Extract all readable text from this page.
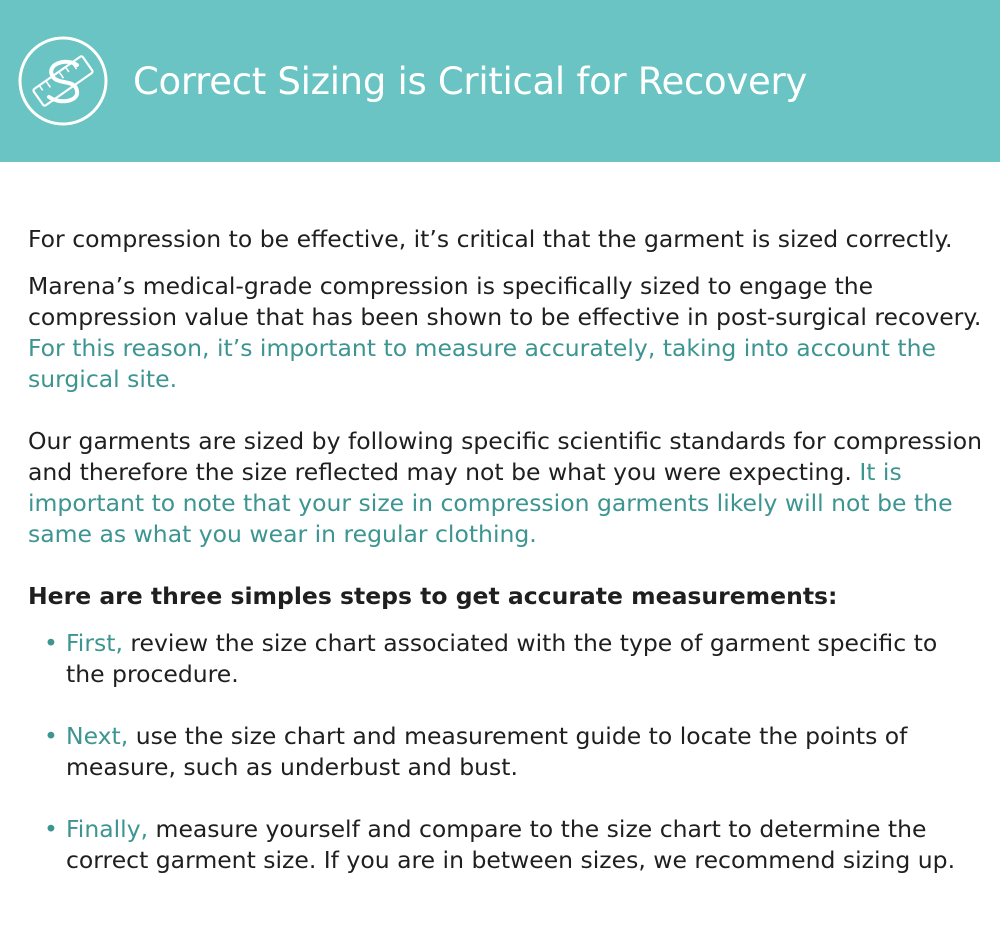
Correct Sizing is Critical for Recovery

For compression to be effective, it’s critical that the garment is sized correctly.

Marena’s medical-grade compression is specifically sized to engage the compression value that has been shown to be effective in post-surgical recovery. For this reason, it’s important to measure accurately, taking into account the surgical site.

Our garments are sized by following specific scientific standards for compression and therefore the size reflected may not be what you were expecting. It is important to note that your size in compression garments likely will not be the same as what you wear in regular clothing.

Here are three simples steps to get accurate measurements:

• First, review the size chart associated with the type of garment specific to the procedure.
• Next, use the size chart and measurement guide to locate the points of measure, such as underbust and bust.
• Finally, measure yourself and compare to the size chart to determine the correct garment size. If you are in between sizes, we recommend sizing up.
